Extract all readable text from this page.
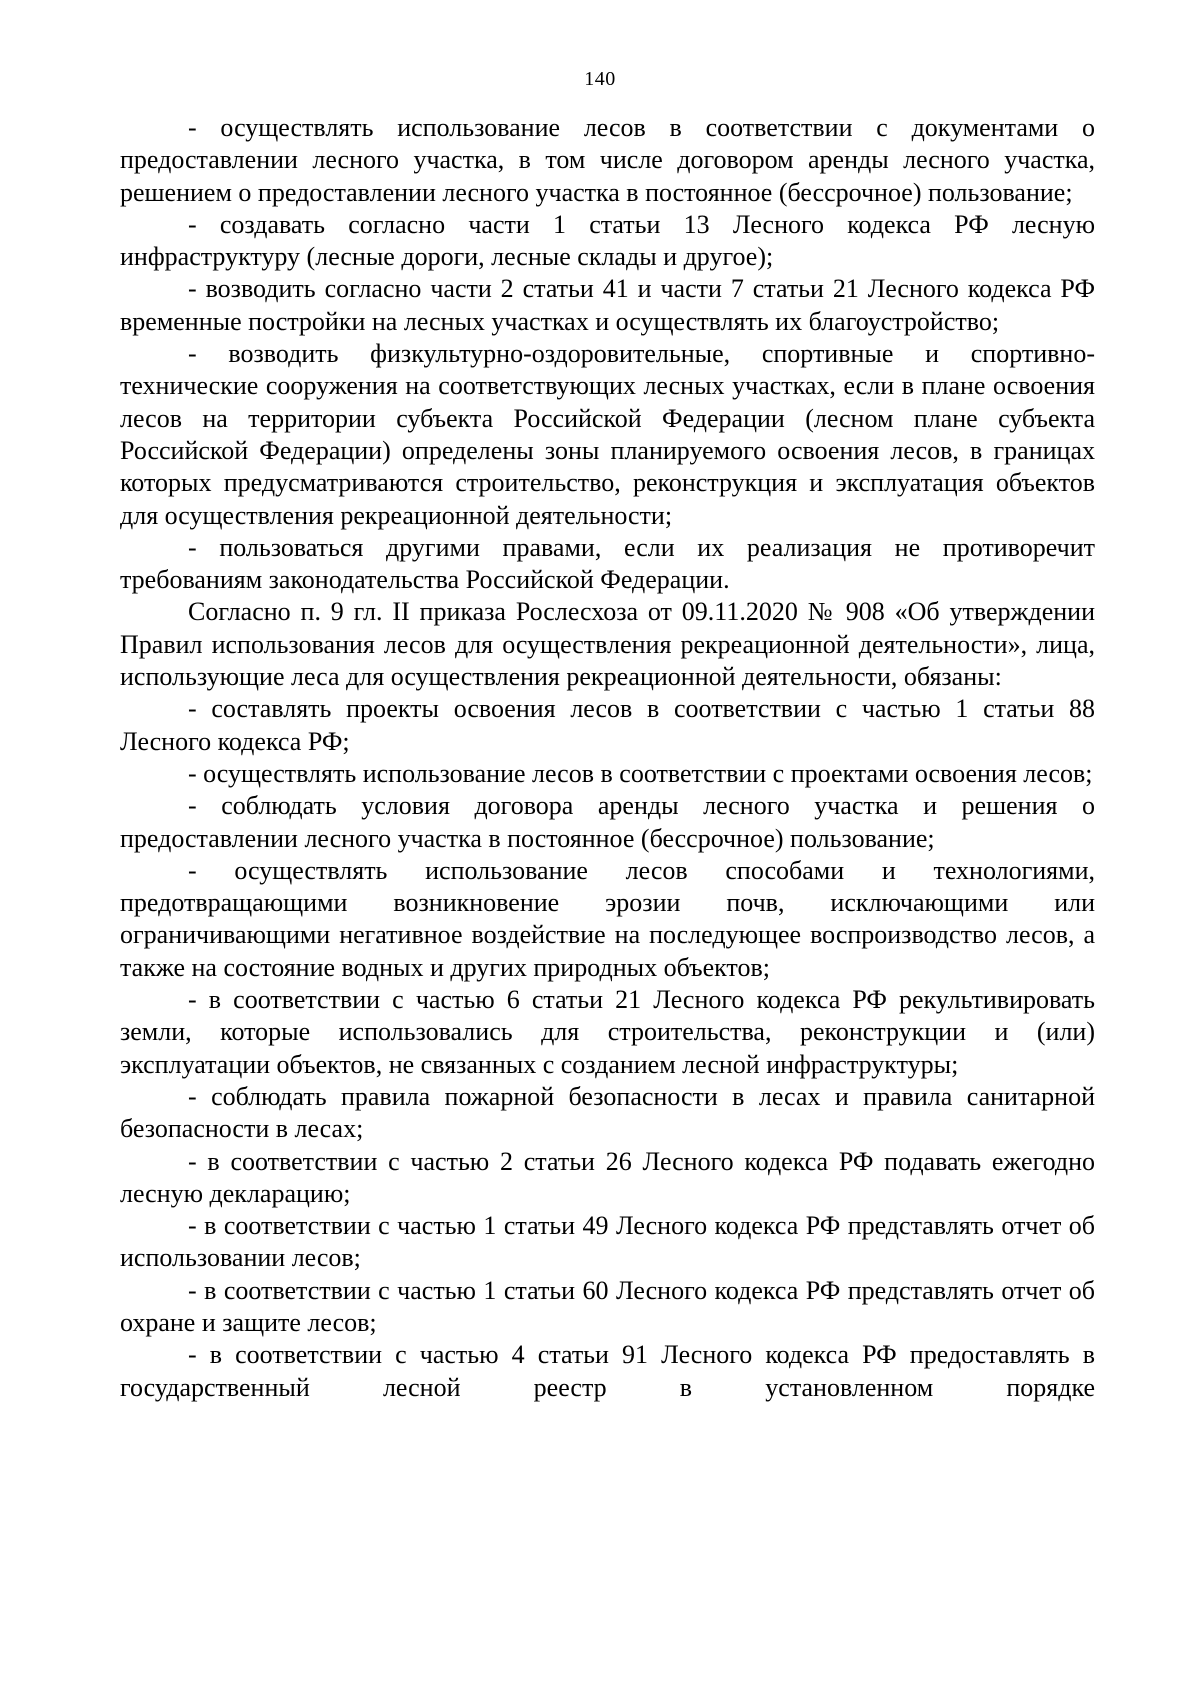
140

- осуществлять использование лесов в соответствии с документами о предоставлении лесного участка, в том числе договором аренды лесного участка, решением о предоставлении лесного участка в постоянное (бессрочное) пользование;

- создавать согласно части 1 статьи 13 Лесного кодекса РФ лесную инфраструктуру (лесные дороги, лесные склады и другое);

- возводить согласно части 2 статьи 41 и части 7 статьи 21 Лесного кодекса РФ временные постройки на лесных участках и осуществлять их благоустройство;

- возводить физкультурно-оздоровительные, спортивные и спортивно-технические сооружения на соответствующих лесных участках, если в плане освоения лесов на территории субъекта Российской Федерации (лесном плане субъекта Российской Федерации) определены зоны планируемого освоения лесов, в границах которых предусматриваются строительство, реконструкция и эксплуатация объектов для осуществления рекреационной деятельности;

- пользоваться другими правами, если их реализация не противоречит требованиям законодательства Российской Федерации.

Согласно п. 9 гл. II приказа Рослесхоза от 09.11.2020 № 908 «Об утверждении Правил использования лесов для осуществления рекреационной деятельности», лица, использующие леса для осуществления рекреационной деятельности, обязаны:

- составлять проекты освоения лесов в соответствии с частью 1 статьи 88 Лесного кодекса РФ;

- осуществлять использование лесов в соответствии с проектами освоения лесов;

- соблюдать условия договора аренды лесного участка и решения о предоставлении лесного участка в постоянное (бессрочное) пользование;

- осуществлять использование лесов способами и технологиями, предотвращающими возникновение эрозии почв, исключающими или ограничивающими негативное воздействие на последующее воспроизводство лесов, а также на состояние водных и других природных объектов;

- в соответствии с частью 6 статьи 21 Лесного кодекса РФ рекультивировать земли, которые использовались для строительства, реконструкции и (или) эксплуатации объектов, не связанных с созданием лесной инфраструктуры;

- соблюдать правила пожарной безопасности в лесах и правила санитарной безопасности в лесах;

- в соответствии с частью 2 статьи 26 Лесного кодекса РФ подавать ежегодно лесную декларацию;

- в соответствии с частью 1 статьи 49 Лесного кодекса РФ представлять отчет об использовании лесов;

- в соответствии с частью 1 статьи 60 Лесного кодекса РФ представлять отчет об охране и защите лесов;

- в соответствии с частью 4 статьи 91 Лесного кодекса РФ предоставлять в государственный лесной реестр в установленном порядке
